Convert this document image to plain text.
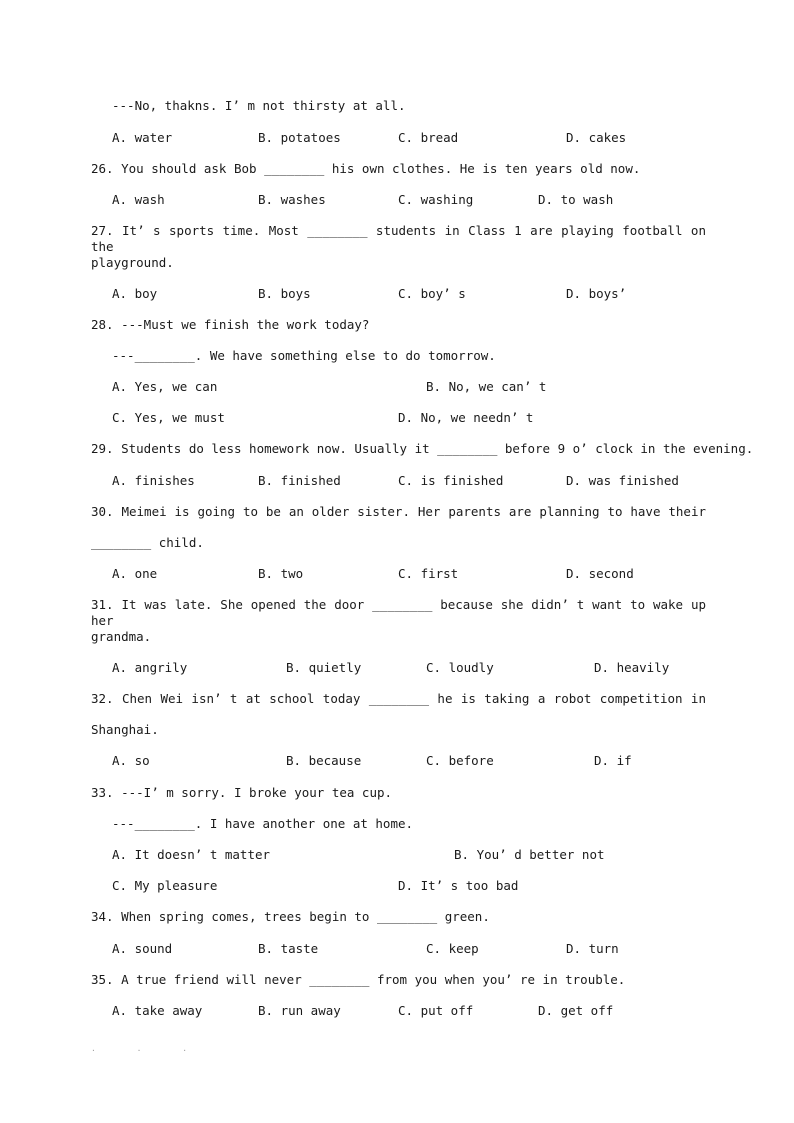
---No, thakns. I’ m not thirsty at all.
A. water	B. potatoes	C. bread	D. cakes
26. You should ask Bob ________ his own clothes. He is ten years old now.
A. wash	B. washes	C. washing	D. to wash
27. It’ s sports time. Most ________ students in Class 1 are playing football on the
playground.
A. boy	B. boys	C. boy’ s	D. boys’
28. ---Must we finish the work today?
---________. We have something else to do tomorrow.
A. Yes, we can	B. No, we can’ t
C. Yes, we must	D. No, we needn’ t
29. Students do less homework now. Usually it ________ before 9 o’ clock in the evening.
A. finishes	B. finished	C. is finished	D. was finished
30. Meimei is going to be an older sister. Her parents are planning to have their
________ child.
A. one	B. two	C. first	D. second
31. It was late. She opened the door ________ because she didn’ t want to wake up her
grandma.
A. angrily	B. quietly	C. loudly	D. heavily
32. Chen Wei isn’ t at school today ________ he is taking a robot competition in
Shanghai.
A. so	B. because	C. before	D. if
33. ---I’ m sorry. I broke your tea cup.
---________. I have another one at home.
A. It doesn’ t matter	B. You’ d better not
C. My pleasure	D. It’ s too bad
34. When spring comes, trees begin to ________ green.
A. sound	B. taste	C. keep	D. turn
35. A true friend will never ________ from you when you’ re in trouble.
A. take away	B. run away	C. put off	D. get off
· · ·
